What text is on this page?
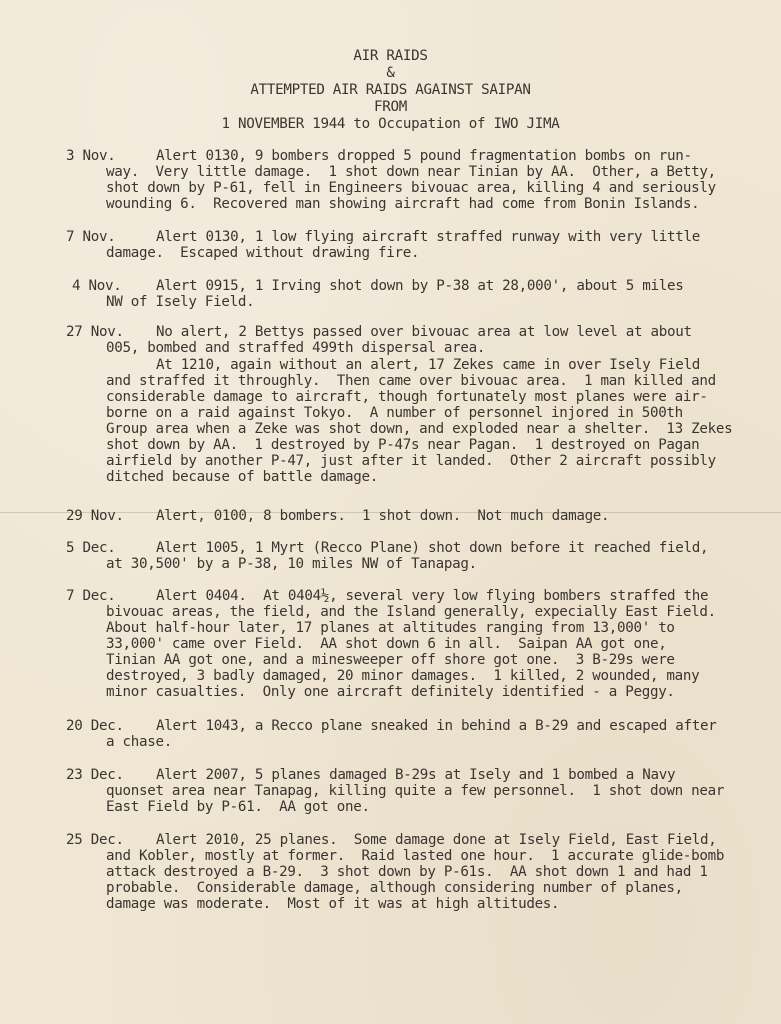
AIR RAIDS
&
ATTEMPTED AIR RAIDS AGAINST SAIPAN
FROM
1 NOVEMBER 1944 to Occupation of IWO JIMA
3 Nov.	Alert 0130, 9 bombers dropped 5 pound fragmentation bombs on run-
way.  Very little damage.  1 shot down near Tinian by AA.  Other, a Betty,
shot down by P-61, fell in Engineers bivouac area, killing 4 and seriously
wounding 6.  Recovered man showing aircraft had come from Bonin Islands.
7 Nov.	Alert 0130, 1 low flying aircraft straffed runway with very little
damage.  Escaped without drawing fire.
4 Nov. Alert 0915, 1 Irving shot down by P-38 at 28,000', about 5 miles
NW of Isely Field.
27 Nov. No alert, 2 Bettys passed over bivouac area at low level at about
005, bombed and straffed 499th dispersal area.
At 1210, again without an alert, 17 Zekes came in over Isely Field
and straffed it throughly.  Then came over bivouac area.  1 man killed and
considerable damage to aircraft, though fortunately most planes were air-
borne on a raid against Tokyo.  A number of personnel injored in 500th
Group area when a Zeke was shot down, and exploded near a shelter.  13 Zekes
shot down by AA.  1 destroyed by P-47s near Pagan.  1 destroyed on Pagan
airfield by another P-47, just after it landed.  Other 2 aircraft possibly
ditched because of battle damage.
29 Nov. Alert, 0100, 8 bombers.  1 shot down.  Not much damage.
5 Dec.	Alert 1005, 1 Myrt (Recco Plane) shot down before it reached field,
at 30,500' by a P-38, 10 miles NW of Tanapag.
7 Dec.	Alert 0404.  At 0404½, several very low flying bombers straffed the
bivouac areas, the field, and the Island generally, expecially East Field.
About half-hour later, 17 planes at altitudes ranging from 13,000' to
33,000' came over Field.  AA shot down 6 in all.  Saipan AA got one,
Tinian AA got one, and a minesweeper off shore got one.  3 B-29s were
destroyed, 3 badly damaged, 20 minor damages.  1 killed, 2 wounded, many
minor casualties.  Only one aircraft definitely identified - a Peggy.
20 Dec. Alert 1043, a Recco plane sneaked in behind a B-29 and escaped after
a chase.
23 Dec. Alert 2007, 5 planes damaged B-29s at Isely and 1 bombed a Navy
quonset area near Tanapag, killing quite a few personnel.  1 shot down near
East Field by P-61.  AA got one.
25 Dec. Alert 2010, 25 planes.  Some damage done at Isely Field, East Field,
and Kobler, mostly at former.  Raid lasted one hour.  1 accurate glide-bomb
attack destroyed a B-29.  3 shot down by P-61s.  AA shot down 1 and had 1
probable.  Considerable damage, although considering number of planes,
damage was moderate.  Most of it was at high altitudes.
